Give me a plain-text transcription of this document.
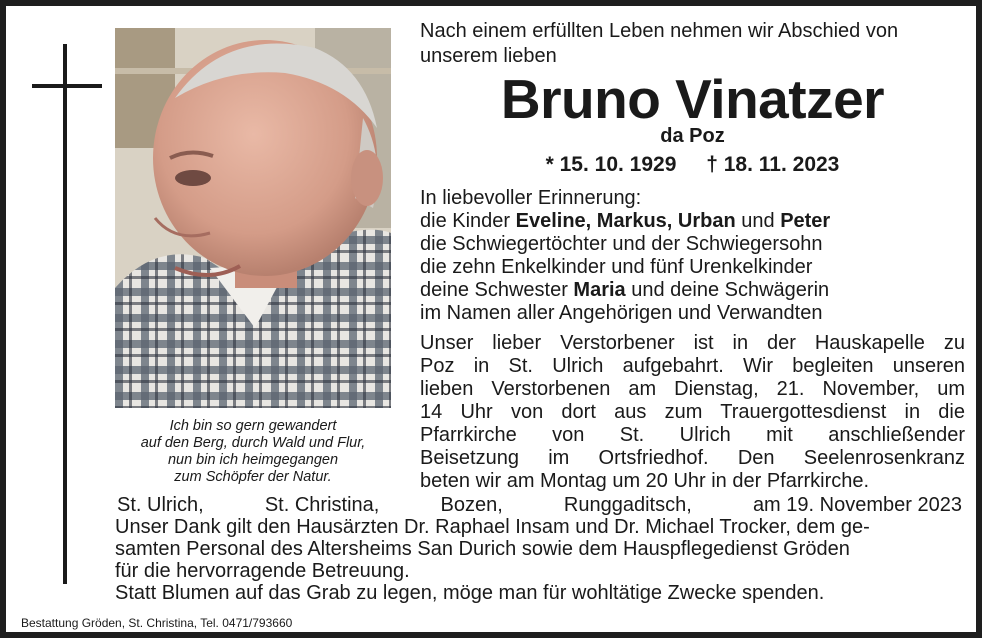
Ich bin so gern gewandert
auf den Berg, durch Wald und Flur,
nun bin ich heimgegangen
zum Schöpfer der Natur.
Nach einem erfüllten Leben nehmen wir Abschied von
unserem lieben
Bruno Vinatzer
da Poz
* 15. 10. 1929 † 18. 11. 2023
In liebevoller Erinnerung:
die Kinder Eveline, Markus, Urban und Peter
die Schwiegertöchter und der Schwiegersohn
die zehn Enkelkinder und fünf Urenkelkinder
deine Schwester Maria und deine Schwägerin
im Namen aller Angehörigen und Verwandten
Unser lieber Verstorbener ist in der Hauskapelle zu
Poz in St. Ulrich aufgebahrt. Wir begleiten unseren
lieben Verstorbenen am Dienstag, 21. November, um
14 Uhr von dort aus zum Trauergottesdienst in die
Pfarrkirche von St. Ulrich mit anschließender
Beisetzung im Ortsfriedhof. Den Seelenrosenkranz
beten wir am Montag um 20 Uhr in der Pfarrkirche.
St. Ulrich,	St. Christina,	Bozen,	Runggaditsch,	am 19. November 2023
Unser Dank gilt den Hausärzten Dr. Raphael Insam und Dr. Michael Trocker, dem ge-
samten Personal des Altersheims San Durich sowie dem Hauspflegedienst Gröden
für die hervorragende Betreuung.
Statt Blumen auf das Grab zu legen, möge man für wohltätige Zwecke spenden.
Bestattung Gröden, St. Christina, Tel. 0471/793660
